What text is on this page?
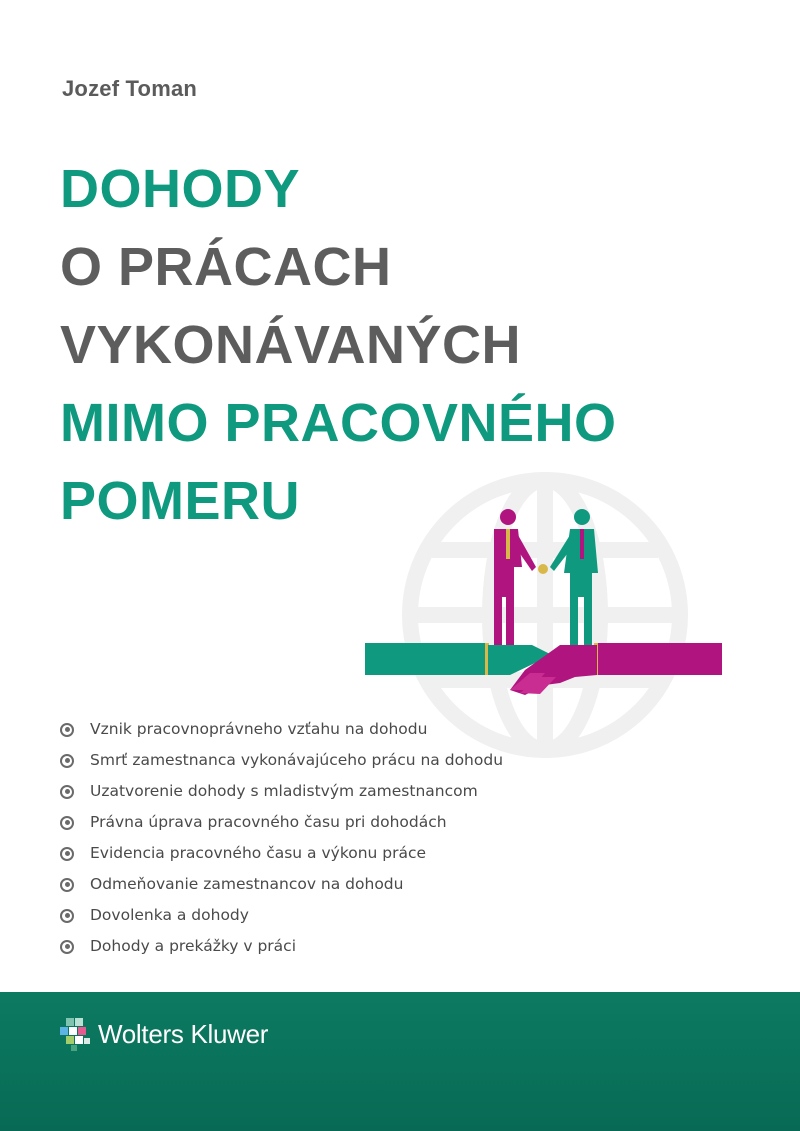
Jozef Toman
DOHODY
O PRÁCACH
VYKONÁVANÝCH
MIMO PRACOVNÉHO
POMERU
Vznik pracovnoprávneho vzťahu na dohodu
Smrť zamestnanca vykonávajúceho prácu na dohodu
Uzatvorenie dohody s mladistvým zamestnancom
Právna úprava pracovného času pri dohodách
Evidencia pracovného času a výkonu práce
Odmeňovanie zamestnancov na dohodu
Dovolenka a dohody
Dohody a prekážky v práci
Wolters Kluwer
